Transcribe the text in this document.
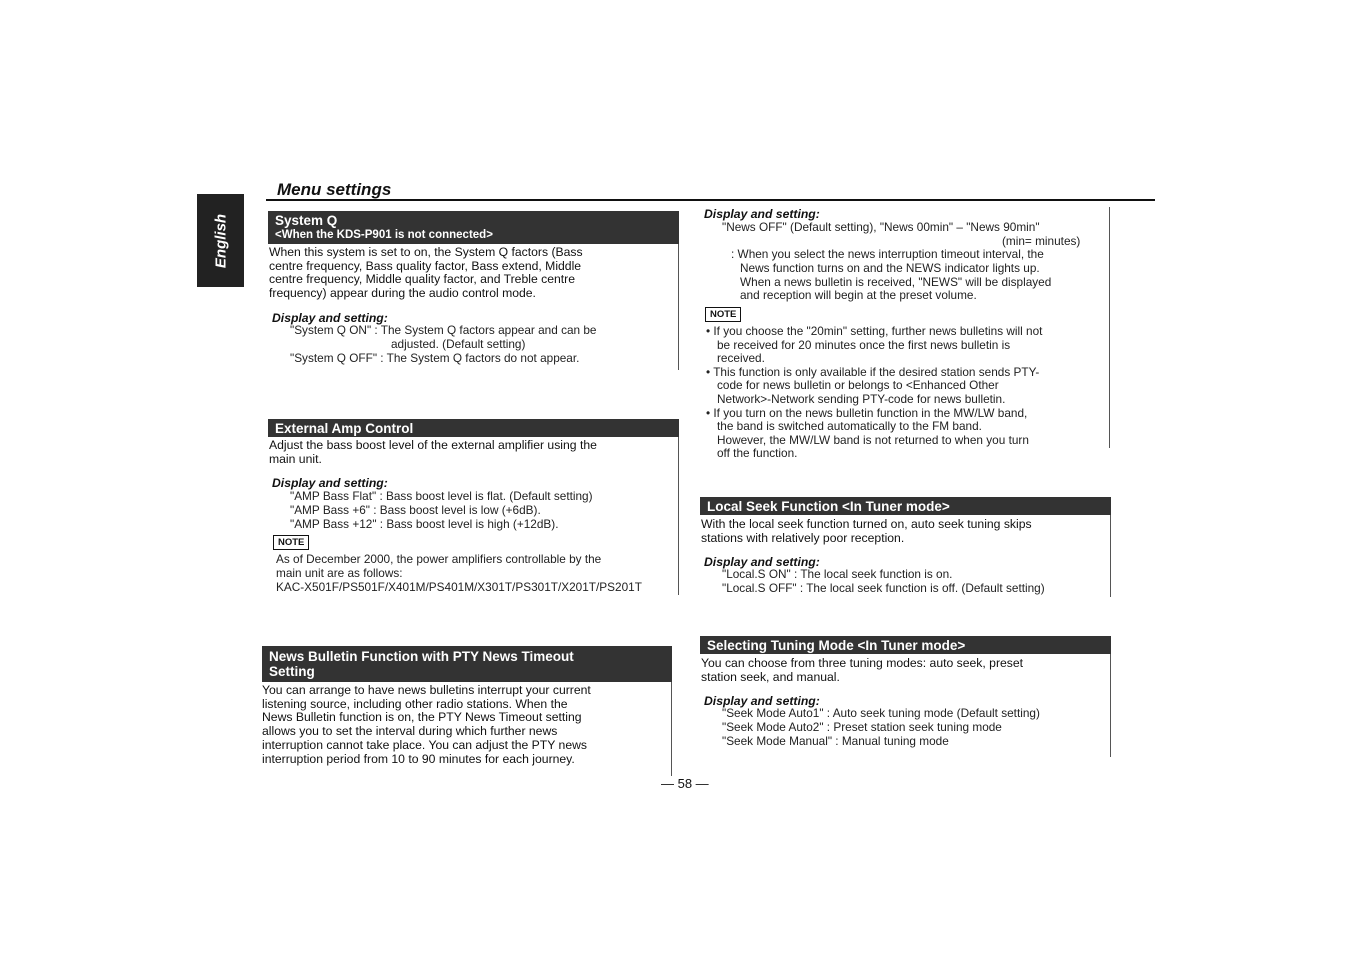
English
Menu settings
System Q
<When the KDS-P901 is not connected>

When this system is set to on, the System Q factors (Bass

centre frequency, Bass quality factor, Bass extend, Middle

centre frequency, Middle quality factor, and Treble centre

frequency) appear during the audio control mode.

Display and setting:
"System Q ON" : The System Q factors appear and can be
adjusted. (Default setting)
"System Q OFF" : The System Q factors do not appear.
External Amp Control

Adjust the bass boost level of the external amplifier using the

main unit.

Display and setting:
"AMP Bass Flat" : Bass boost level is flat. (Default setting)
"AMP Bass +6" : Bass boost level is low (+6dB).
"AMP Bass +12" : Bass boost level is high (+12dB).
NOTE
As of December 2000, the power amplifiers controllable by the
main unit are as follows:
KAC-X501F/PS501F/X401M/PS401M/X301T/PS301T/X201T/PS201T
News Bulletin Function with PTY News Timeout
Setting

You can arrange to have news bulletins interrupt your current

listening source, including other radio stations. When the

News Bulletin function is on, the PTY News Timeout setting

allows you to set the interval during which further news

interruption cannot take place. You can adjust the PTY news

interruption period from 10 to 90 minutes for each journey.

Display and setting:
"News OFF" (Default setting), "News 00min" – "News 90min"
(min= minutes)
: When you select the news interruption timeout interval, the
News function turns on and the NEWS indicator lights up.
When a news bulletin is received, "NEWS" will be displayed
and reception will begin at the preset volume.
NOTE
• If you choose the "20min" setting, further news bulletins will not
be received for 20 minutes once the first news bulletin is
received.
• This function is only available if the desired station sends PTY-
code for news bulletin or belongs to <Enhanced Other
Network>-Network sending PTY-code for news bulletin.
• If you turn on the news bulletin function in the MW/LW band,
the band is switched automatically to the FM band.
However, the MW/LW band is not returned to when you turn
off the function.
Local Seek Function <In Tuner mode>

With the local seek function turned on, auto seek tuning skips

stations with relatively poor reception.

Display and setting:
"Local.S ON" : The local seek function is on.
"Local.S OFF" : The local seek function is off. (Default setting)
Selecting Tuning Mode <In Tuner mode>

You can choose from three tuning modes: auto seek, preset

station seek, and manual.

Display and setting:
"Seek Mode Auto1" : Auto seek tuning mode (Default setting)
"Seek Mode Auto2" : Preset station seek tuning mode
"Seek Mode Manual" : Manual tuning mode
— 58 —
